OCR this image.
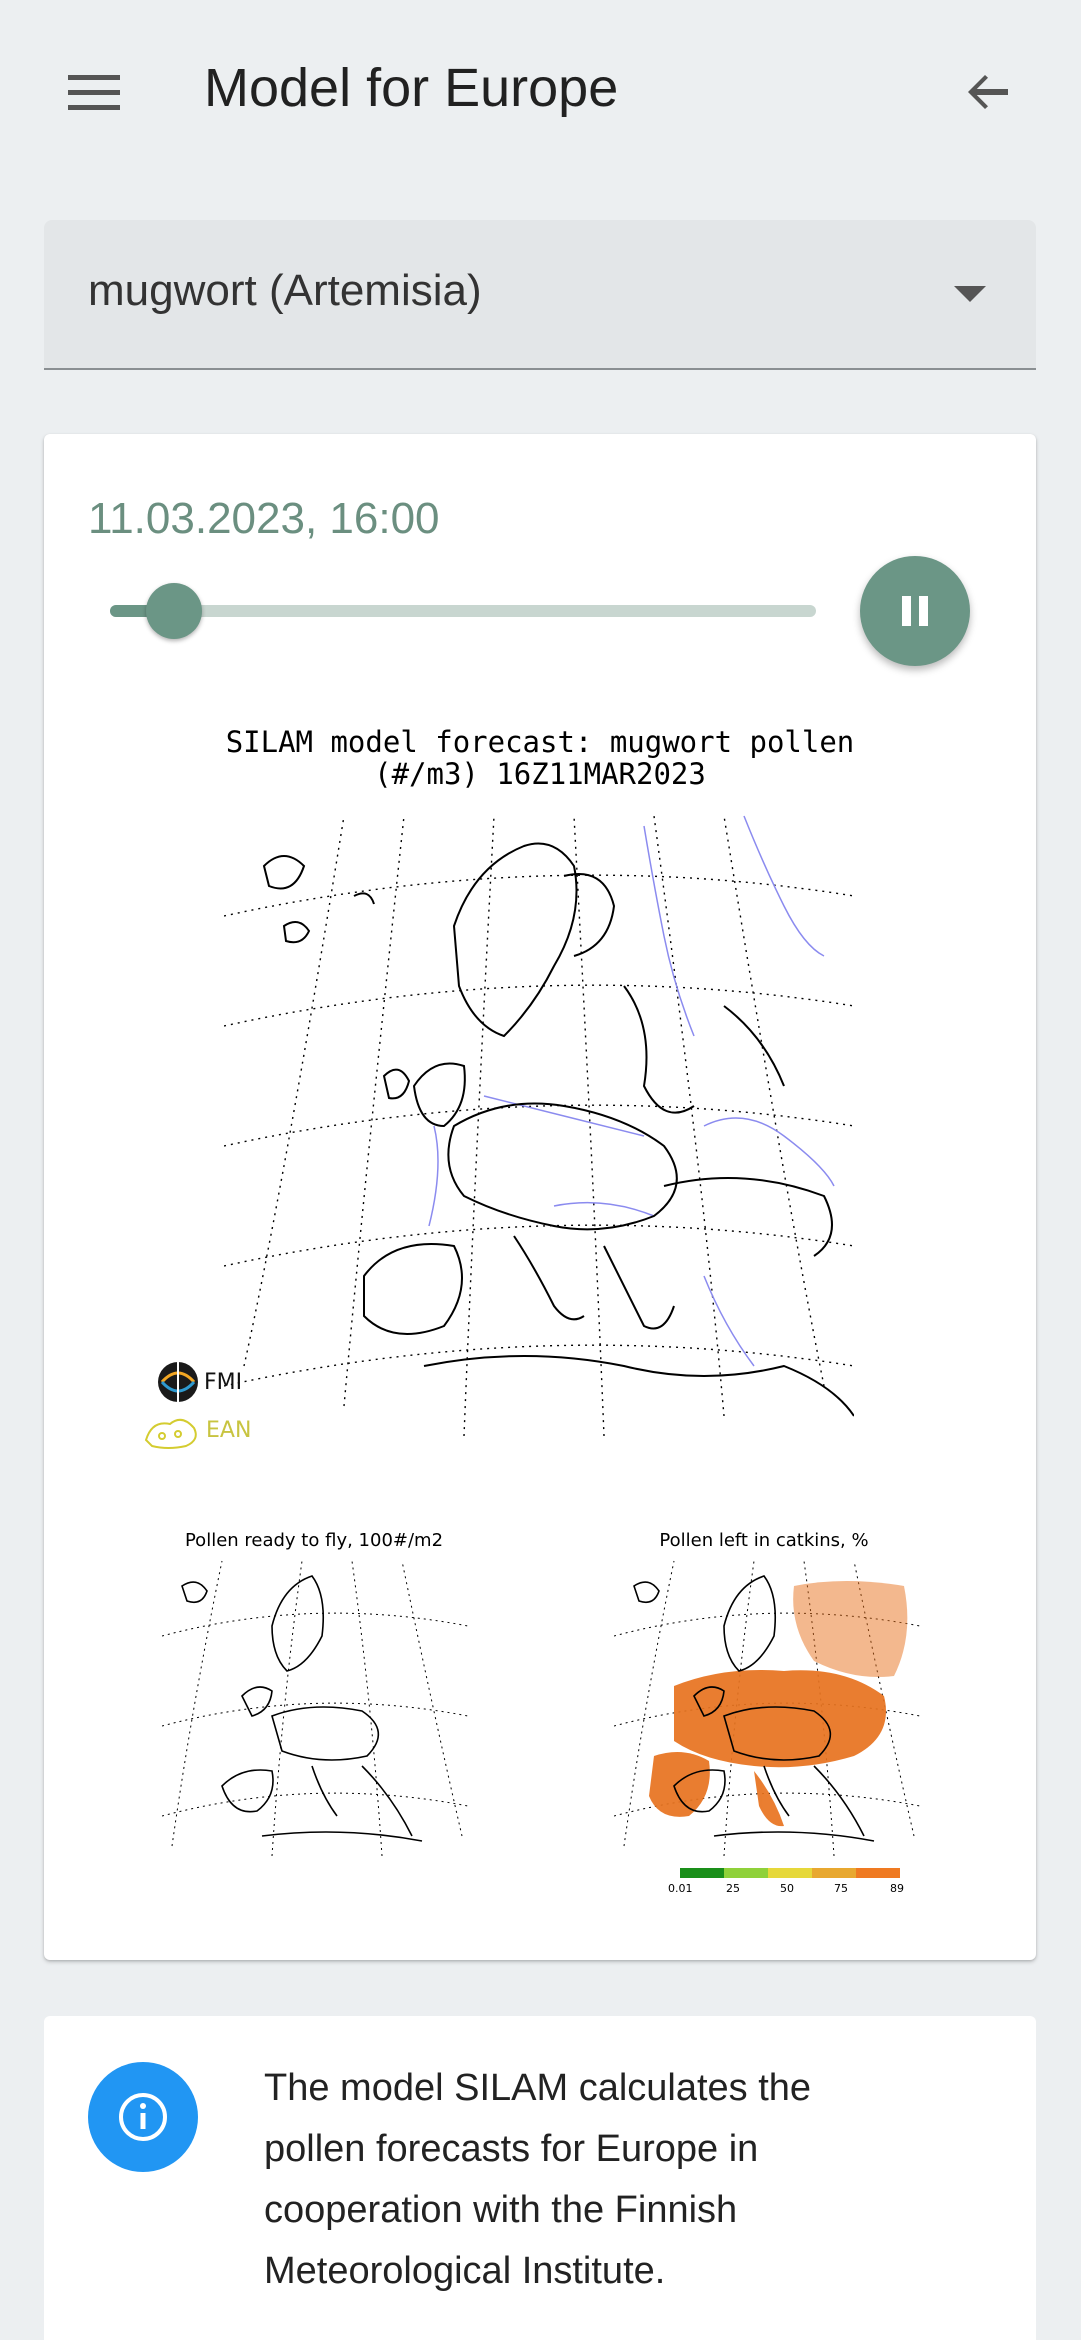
Model for Europe
mugwort (Artemisia)
11.03.2023, 16:00
SILAM model forecast: mugwort pollen
(#/m3) 16Z11MAR2023
FMI
EAN
Pollen ready to fly, 100#/m2	Pollen left in catkins, %
0.01	25	50	75	89
The model SILAM calculates the pollen forecasts for Europe in cooperation with the Finnish Meteorological Institute.
